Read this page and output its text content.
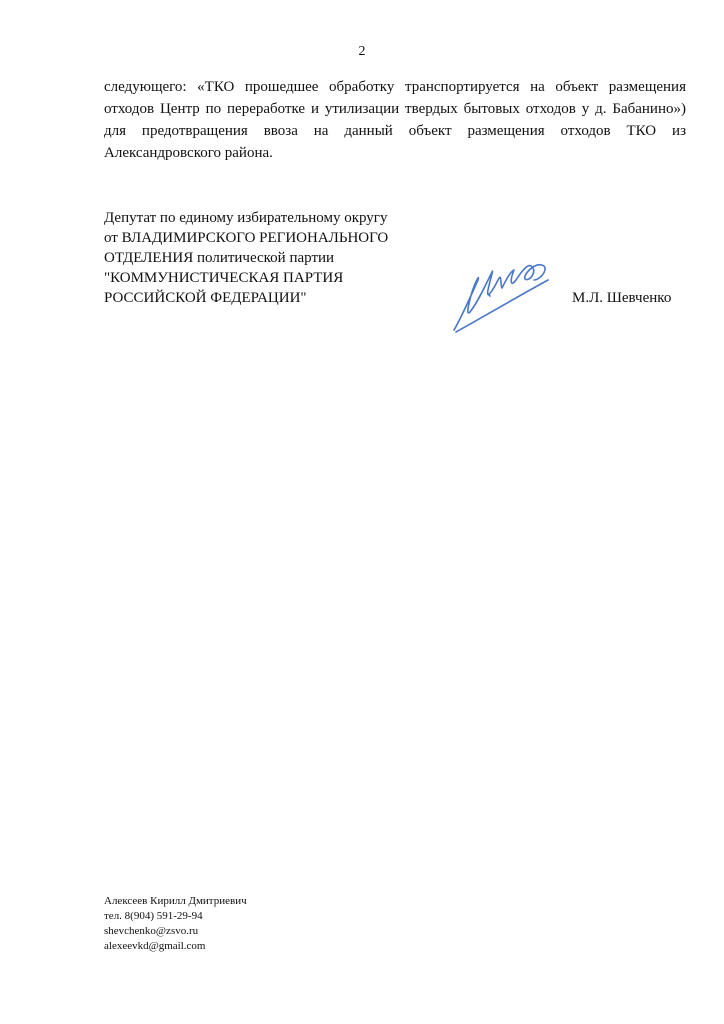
2

следующего: «ТКО прошедшее обработку транспортируется на объект размещения отходов Центр по переработке и утилизации твердых бытовых отходов у д. Бабанино») для предотвращения ввоза на данный объект размещения отходов ТКО из Александровского района.

Депутат по единому избирательному округу
от ВЛАДИМИРСКОГО РЕГИОНАЛЬНОГО
ОТДЕЛЕНИЯ политической партии
"КОММУНИСТИЧЕСКАЯ ПАРТИЯ
РОССИЙСКОЙ ФЕДЕРАЦИИ"	М.Л. Шевченко
Алексеев Кирилл Дмитриевич
тел. 8(904) 591-29-94
shevchenko@zsvo.ru
alexeevkd@gmail.com
